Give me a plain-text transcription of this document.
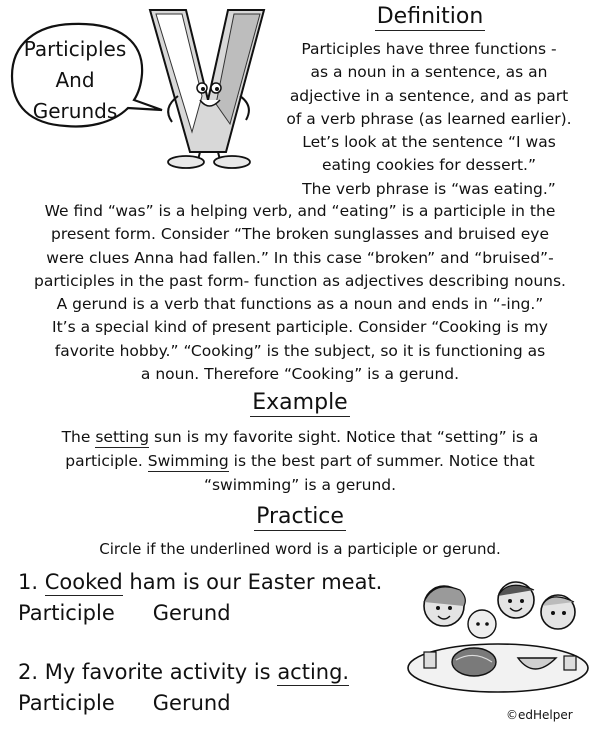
Participles
And
Gerunds
Definition
Participles have three functions -
as a noun in a sentence, as an
adjective in a sentence, and as part
of a verb phrase (as learned earlier).
Let’s look at the sentence “I was
eating cookies for dessert.”
The verb phrase is “was eating.”
We find “was” is a helping verb, and “eating” is a participle in the
present form. Consider “The broken sunglasses and bruised eye
were clues Anna had fallen.” In this case “broken” and “bruised”-
participles in the past form- function as adjectives describing nouns.
A gerund is a verb that functions as a noun and ends in “-ing.”
It’s a special kind of present participle. Consider “Cooking is my
favorite hobby.” “Cooking” is the subject, so it is functioning as
a noun. Therefore “Cooking” is a gerund.
Example
The setting sun is my favorite sight. Notice that “setting” is a
participle. Swimming is the best part of summer. Notice that
“swimming” is a gerund.
Practice
Circle if the underlined word is a participle or gerund.
1. Cooked ham is our Easter meat.
Participle Gerund
2. My favorite activity is acting.
Participle Gerund	©edHelper
